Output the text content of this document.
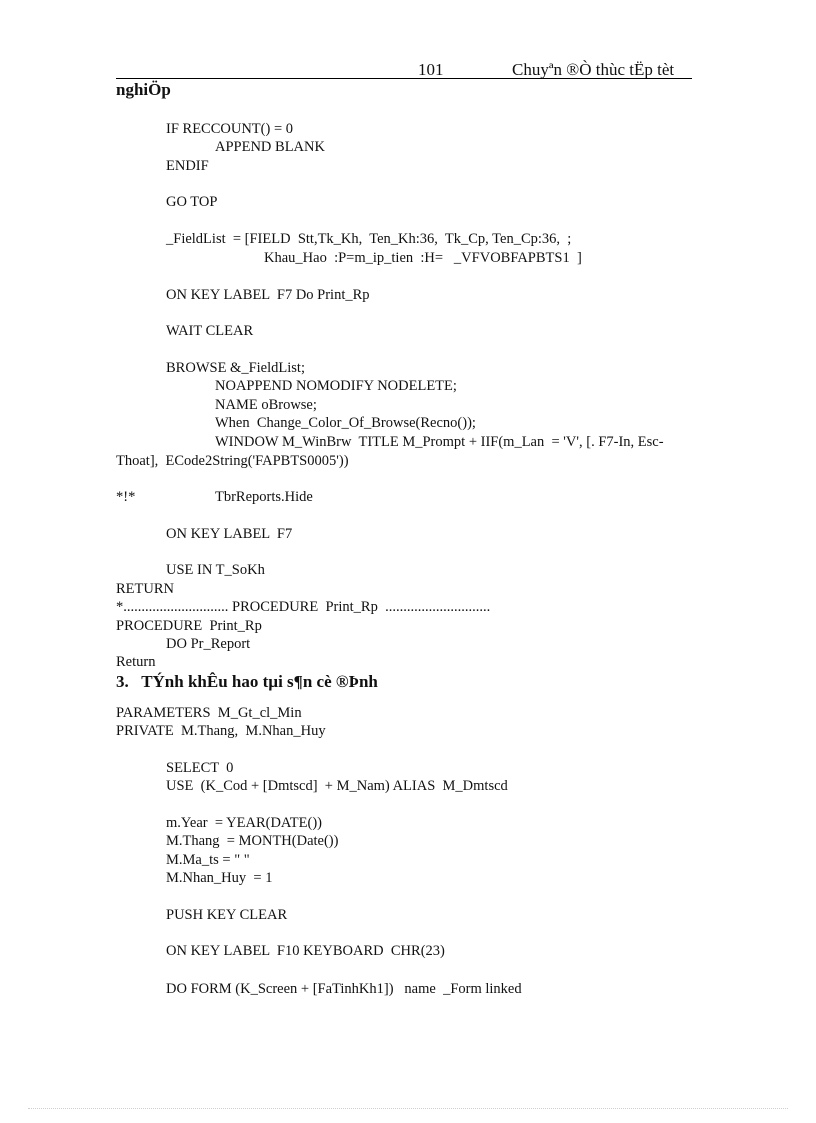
101	Chuyªn ®Ò thùc tËp tèt
nghiÖp
IF RECCOUNT() = 0
APPEND BLANK
ENDIF
GO TOP
_FieldList  = [FIELD  Stt,Tk_Kh,  Ten_Kh:36,  Tk_Cp, Ten_Cp:36,  ;
Khau_Hao  :P=m_ip_tien  :H=   _VFVOBFAPBTS1  ]
ON KEY LABEL  F7 Do Print_Rp
WAIT CLEAR
BROWSE &_FieldList;
NOAPPEND NOMODIFY NODELETE;
NAME oBrowse;
When  Change_Color_Of_Browse(Recno());
WINDOW M_WinBrw  TITLE M_Prompt + IIF(m_Lan  = 'V', [. F7-In, Esc-
Thoat],  ECode2String('FAPBTS0005'))
*!*	TbrReports.Hide
ON KEY LABEL  F7
USE IN T_SoKh
RETURN
*............................. PROCEDURE  Print_Rp  .............................
PROCEDURE  Print_Rp
DO Pr_Report
Return
3.   TÝnh khÊu hao tµi s¶n cè ®Þnh
PARAMETERS  M_Gt_cl_Min
PRIVATE  M.Thang,  M.Nhan_Huy
SELECT  0
USE  (K_Cod + [Dmtscd]  + M_Nam) ALIAS  M_Dmtscd
m.Year  = YEAR(DATE())
M.Thang  = MONTH(Date())
M.Ma_ts = " "
M.Nhan_Huy  = 1
PUSH KEY CLEAR
ON KEY LABEL  F10 KEYBOARD  CHR(23)
DO FORM (K_Screen + [FaTinhKh1])   name  _Form linked
